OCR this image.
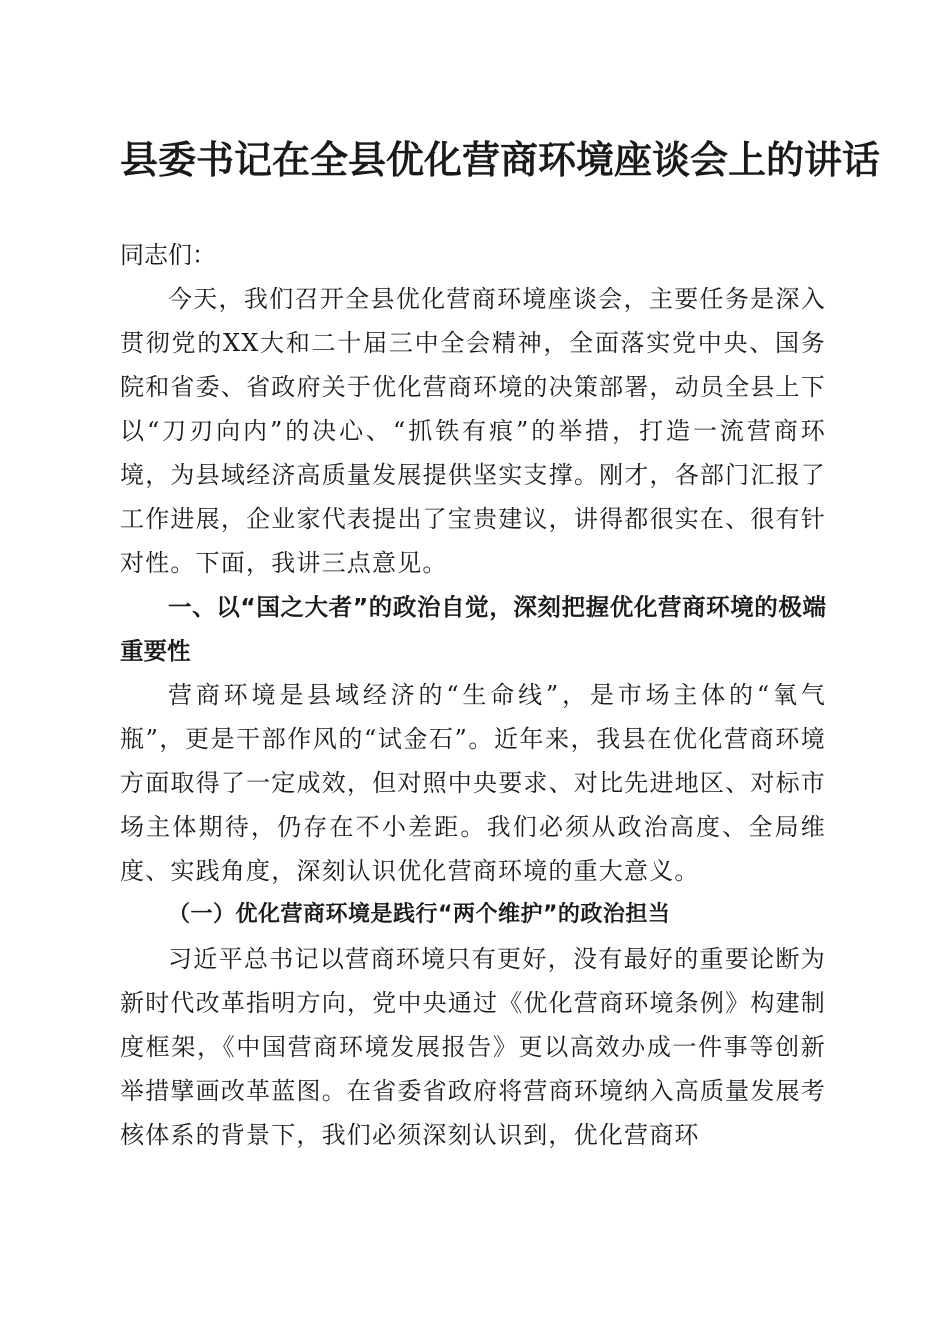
县委书记在全县优化营商环境座谈会上的讲话

同志们：

今天，我们召开全县优化营商环境座谈会，主要任务是深入贯彻党的XX大和二十届三中全会精神，全面落实党中央、国务院和省委、省政府关于优化营商环境的决策部署，动员全县上下以“刀刃向内”的决心、“抓铁有痕”的举措，打造一流营商环境，为县域经济高质量发展提供坚实支撑。刚才，各部门汇报了工作进展，企业家代表提出了宝贵建议，讲得都很实在、很有针对性。下面，我讲三点意见。

一、以“国之大者”的政治自觉，深刻把握优化营商环境的极端重要性

营商环境是县域经济的“生命线”，是市场主体的“氧气瓶”，更是干部作风的“试金石”。近年来，我县在优化营商环境方面取得了一定成效，但对照中央要求、对比先进地区、对标市场主体期待，仍存在不小差距。我们必须从政治高度、全局维度、实践角度，深刻认识优化营商环境的重大意义。

（一）优化营商环境是践行“两个维护”的政治担当

习近平总书记以营商环境只有更好，没有最好的重要论断为新时代改革指明方向，党中央通过《优化营商环境条例》构建制度框架，《中国营商环境发展报告》更以高效办成一件事等创新举措擘画改革蓝图。在省委省政府将营商环境纳入高质量发展考核体系的背景下，我们必须深刻认识到，优化营商环
